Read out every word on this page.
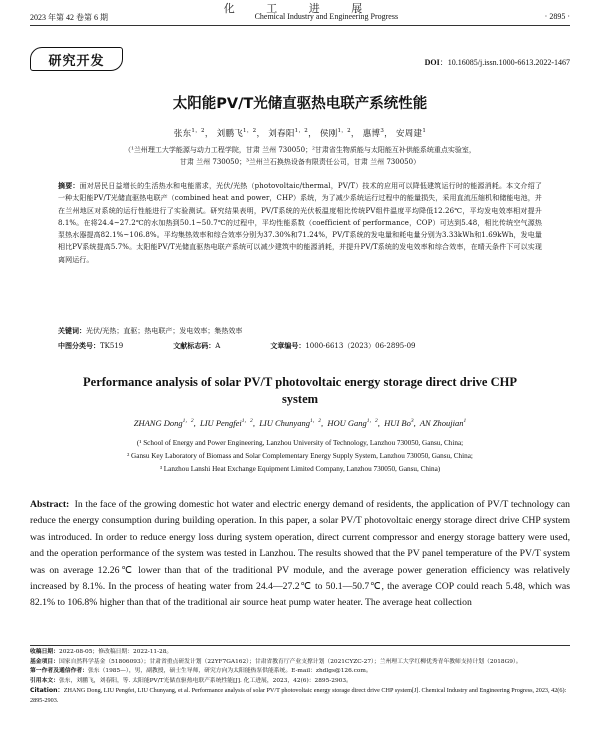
化 工 进 展
2023 年第 42 卷第 6 期	Chemical Industry and Engineering Progress	· 2895 ·
研究开发	DOI：10.16085/j.issn.1000-6613.2022-1467
太阳能PV/T光储直驱热电联产系统性能
张东$^{1,2}$， 刘鹏飞$^{1,2}$， 刘春阳$^{1,2}$， 侯刚$^{1,2}$， 惠博$^3$， 安周建$^1$
（¹兰州理工大学能源与动力工程学院，甘肃 兰州 730050；²甘肃省生物质能与太阳能互补供能系统重点实验室，
甘肃 兰州 730050；³兰州兰石换热设备有限责任公司，甘肃 兰州 730050）
摘要：面对居民日益增长的生活热水和电能需求，光伏/光热（photovoltaic/thermal，PV/T）技术的应用可以降低建筑运行时的能源消耗。本文介绍了一种太阳能PV/T光储直驱热电联产（combined heat and power，CHP）系统，为了减少系统运行过程中的能量损失，采用直流压缩机和储能电池，并在兰州地区对系统的运行性能进行了实验测试。研究结果表明，PV/T系统的光伏板温度相比传统PV组件温度平均降低12.26℃，平均发电效率相对提升8.1%。在将24.4~27.2℃的水加热到50.1~50.7℃的过程中，平均性能系数（coefficient of performance，COP）可达到5.48，相比传统空气源热泵热水器提高82.1%~106.8%。平均集热效率和综合效率分别为37.30%和71.24%，PV/T系统的发电量和耗电量分别为3.33kWh和1.69kWh，发电量相比PV系统提高5.7%。太阳能PV/T光储直驱热电联产系统可以减少建筑中的能源消耗，并提升PV/T系统的发电效率和综合效率，在晴天条件下可以实现离网运行。
关键词：光伏/光热；直驱；热电联产；发电效率；集热效率
中图分类号：TK519	文献标志码：A	文章编号：1000-6613（2023）06-2895-09
Performance analysis of solar PV/T photovoltaic energy storage direct drive CHP system
ZHANG Dong$^{1,2}$,  LIU Pengfei$^{1,2}$,  LIU Chunyang$^{1,2}$,  HOU Gang$^{1,2}$,  HUI Bo$^3$,  AN Zhoujian$^1$
(¹ School of Energy and Power Engineering, Lanzhou University of Technology, Lanzhou 730050, Gansu, China;
² Gansu Key Laboratory of Biomass and Solar Complementary Energy Supply System, Lanzhou 730050, Gansu, China;
³ Lanzhou Lanshi Heat Exchange Equipment Limited Company, Lanzhou 730050, Gansu, China)
Abstract: In the face of the growing domestic hot water and electric energy demand of residents, the application of PV/T technology can reduce the energy consumption during building operation. In this paper, a solar PV/T photovoltaic energy storage direct drive CHP system was introduced. In order to reduce energy loss during system operation, direct current compressor and energy storage battery were used, and the operation performance of the system was tested in Lanzhou. The results showed that the PV panel temperature of the PV/T system was on average 12.26℃ lower than that of the traditional PV module, and the average power generation efficiency was relatively increased by 8.1%. In the process of heating water from 24.4—27.2℃ to 50.1—50.7℃, the average COP could reach 5.48, which was 82.1% to 106.8% higher than that of the traditional air source heat pump water heater. The average heat collection
收稿日期：2022-08-05；修改稿日期：2022-11-28。
基金项目：国家自然科学基金（51806093）；甘肃省重点研发计划（22YF7GA162）；甘肃省教育厅产业支撑计划（2021CYZC-27）；兰州理工大学红柳优秀青年教师支持计划（2018G9）。
第一作者及通信作者：张东（1985—），男，副教授，硕士生导师，研究方向为太阳能热泵供能系统。E-mail：zhdlgs@126.com。
引用本文：张东，刘鹏飞，刘春阳，等. 太阳能PV/T光储直驱热电联产系统性能[J]. 化工进展，2023，42(6)：2895-2903。
Citation：ZHANG Dong, LIU Pengfei, LIU Chunyang, et al. Performance analysis of solar PV/T photovoltaic energy storage direct drive CHP system[J]. Chemical Industry and Engineering Progress, 2023, 42(6): 2895-2903.
